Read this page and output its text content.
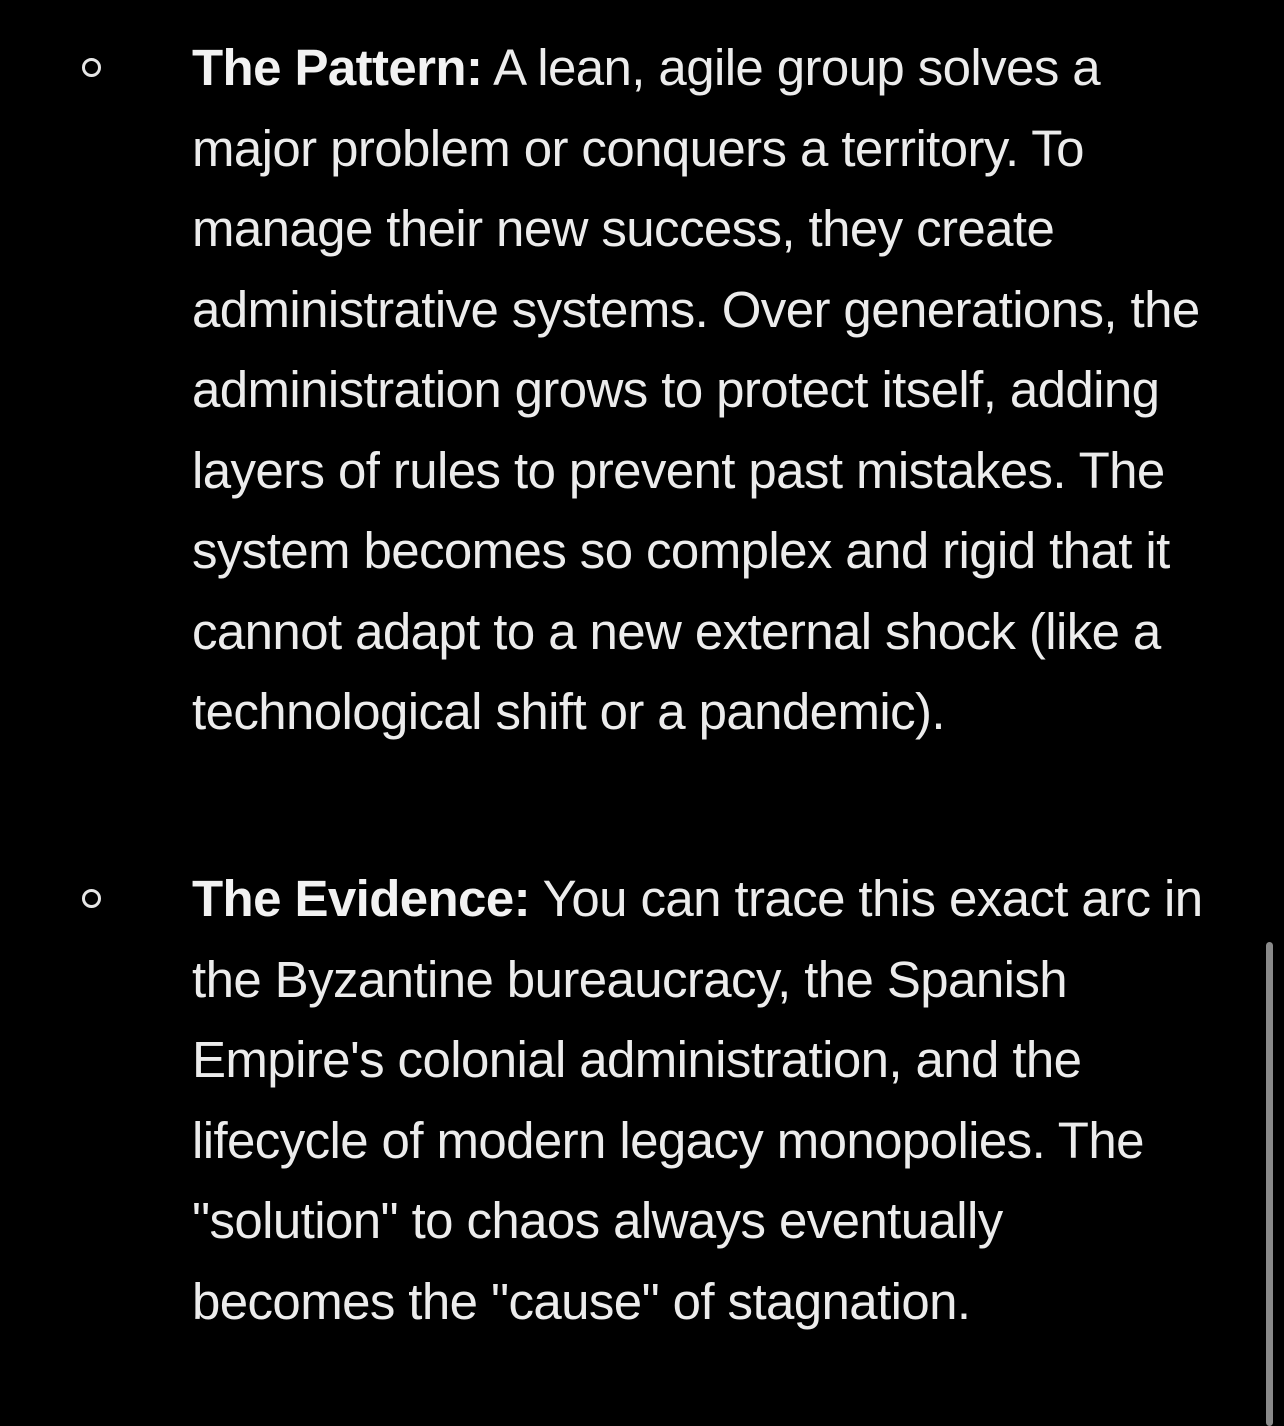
The Pattern: A lean, agile group solves a major problem or conquers a territory. To manage their new success, they create administrative systems. Over generations, the administration grows to protect itself, adding layers of rules to prevent past mistakes. The system becomes so complex and rigid that it cannot adapt to a new external shock (like a technological shift or a pandemic).

The Evidence: You can trace this exact arc in the Byzantine bureaucracy, the Spanish Empire's colonial administration, and the lifecycle of modern legacy monopolies. The "solution" to chaos always eventually becomes the "cause" of stagnation.
